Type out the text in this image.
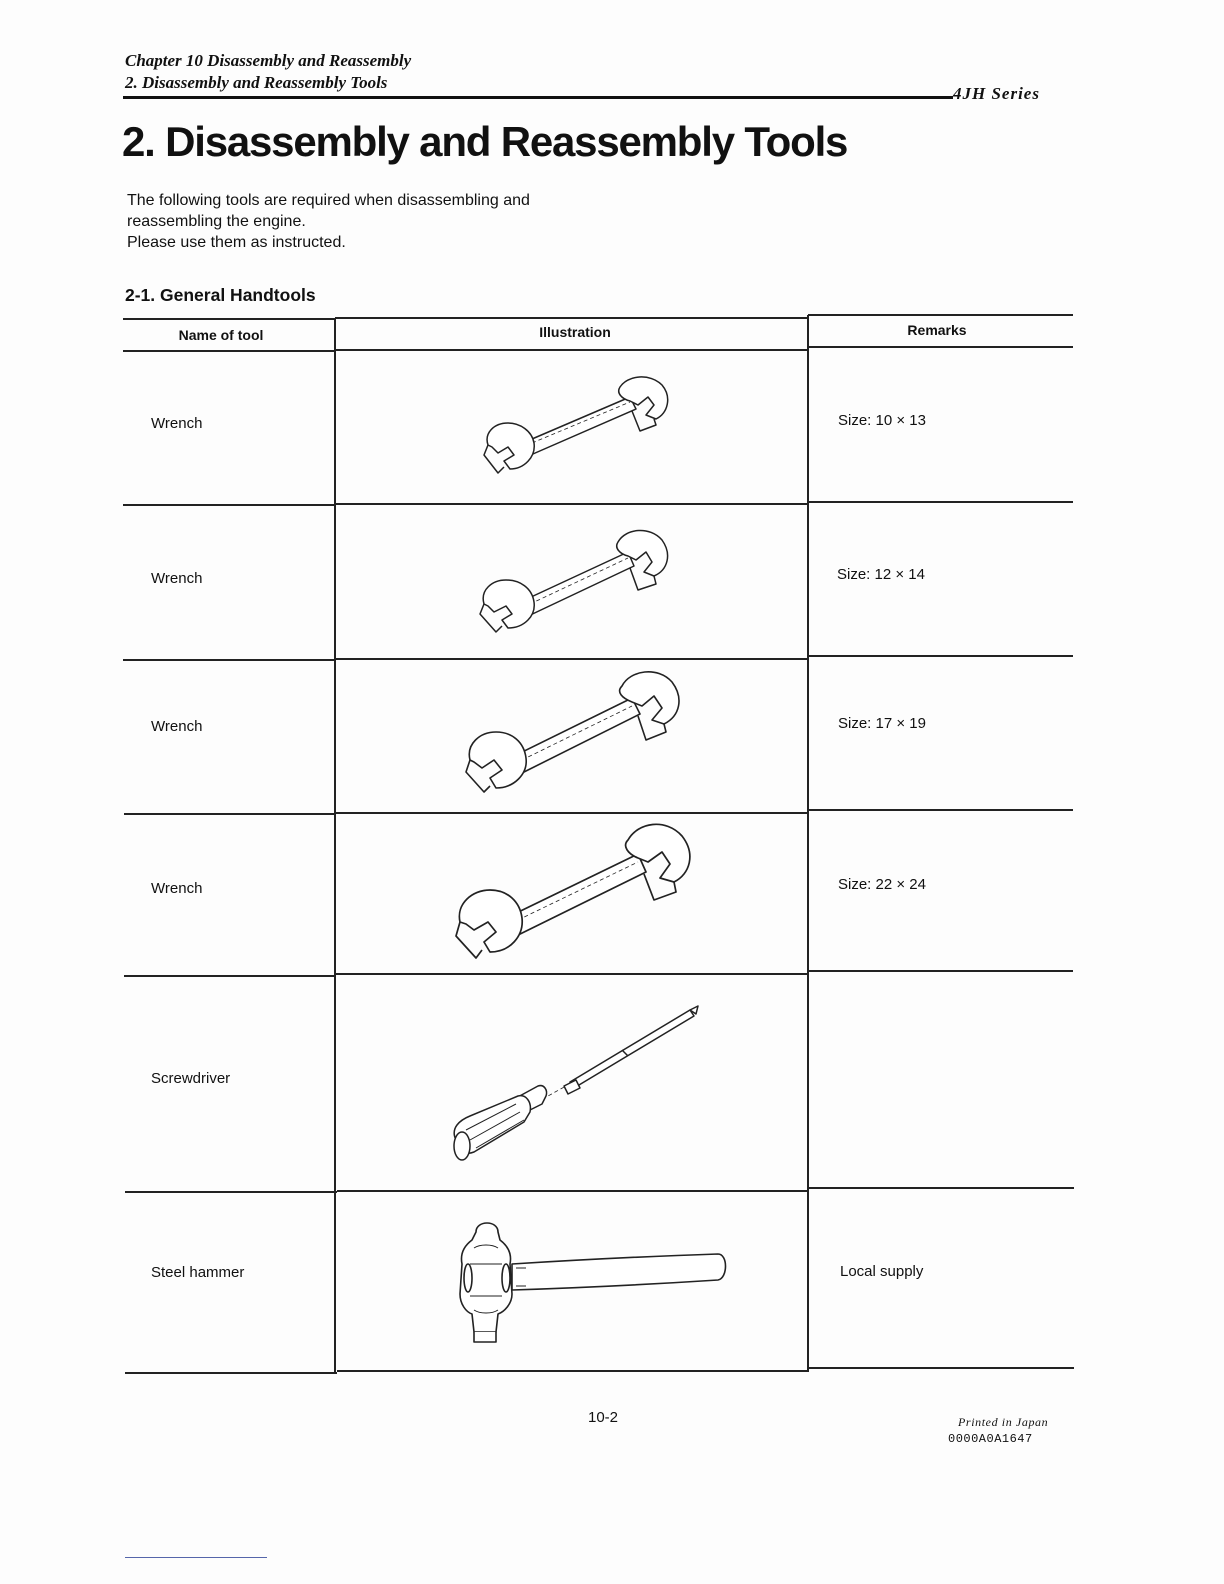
Chapter 10 Disassembly and Reassembly
2. Disassembly and Reassembly Tools
4JH Series
2. Disassembly and Reassembly Tools
The following tools are required when disassembling and
reassembling the engine.
Please use them as instructed.
2-1. General Handtools
Name of tool	Illustration	Remarks
Wrench	Size: 10 × 13
Wrench	Size: 12 × 14
Wrench	Size: 17 × 19
Wrench	Size: 22 × 24
Screwdriver
Steel hammer	Local supply
10-2	Printed in Japan
0000A0A1647
